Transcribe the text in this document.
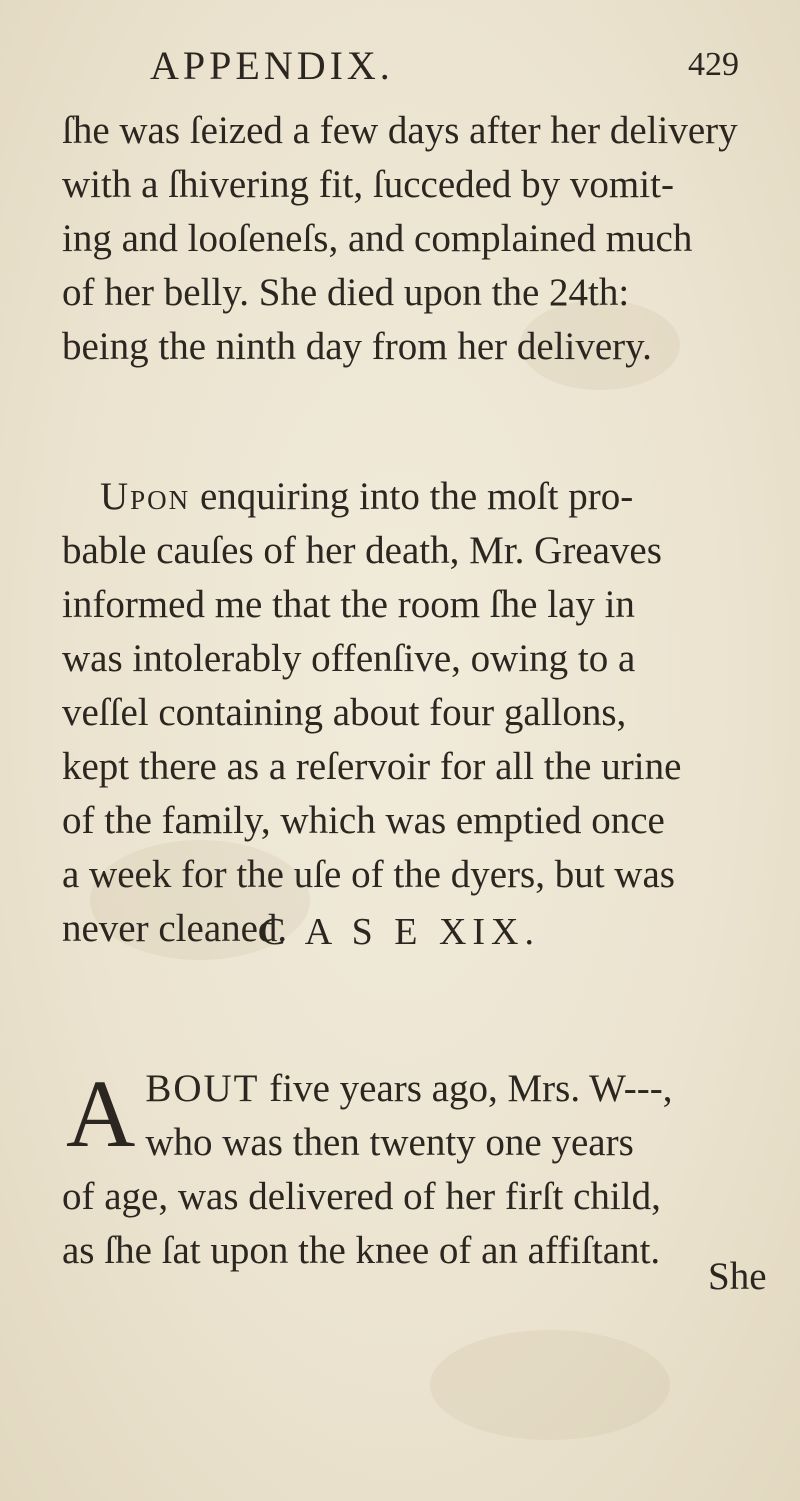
APPENDIX.	429
ſhe was ſeized a few days after her delivery
with a ſhivering fit, ſucceded by vomit-
ing and looſeneſs, and complained much
of her belly. She died upon the 24th:
being the ninth day from her delivery.
Upon enquiring into the moſt pro-
bable cauſes of her death, Mr. Greaves
informed me that the room ſhe lay in
was intolerably offenſive, owing to a
veſſel containing about four gallons,
kept there as a reſervoir for all the urine
of the family, which was emptied once
a week for the uſe of the dyers, but was
never cleaned.
C A S E XIX.
A BOUT five years ago, Mrs. W---,
who was then twenty one years
of age, was delivered of her firſt child,
as ſhe ſat upon the knee of an affiſtant.
She
